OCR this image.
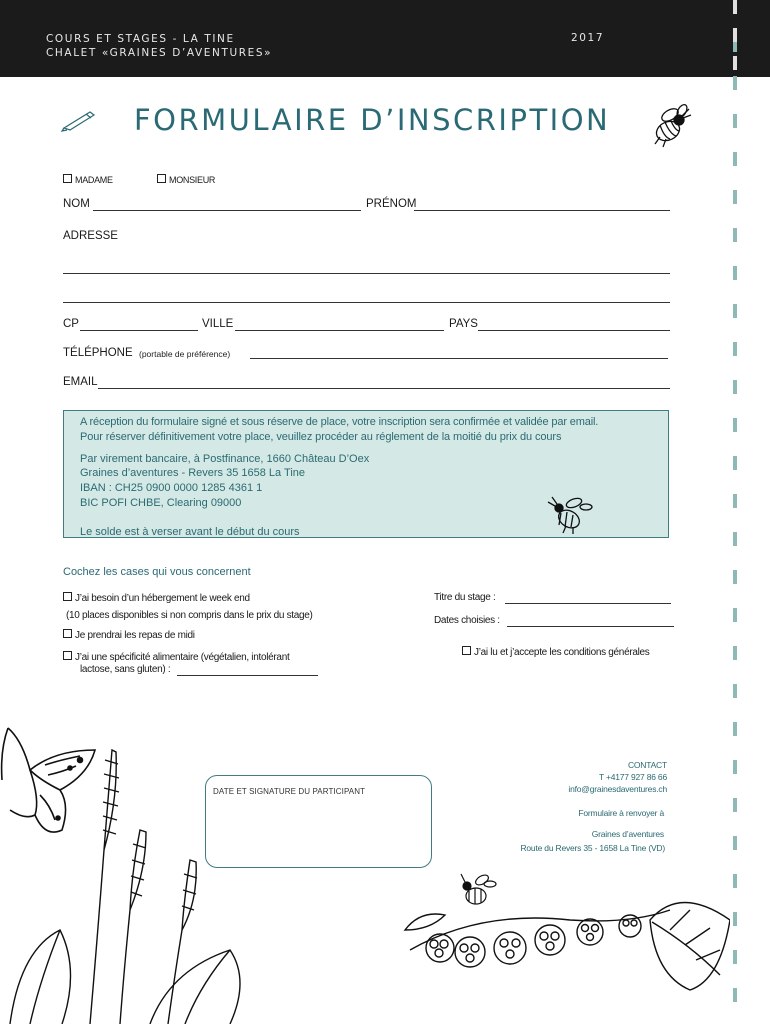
COURS ET STAGES - LA TINE
CHALET «GRAINES D’AVENTURES»
2017
FORMULAIRE D’INSCRIPTION
MADAME	MONSIEUR
NOM	PRÉNOM
ADRESSE
CP	VILLE	PAYS
TÉLÉPHONE (portable de préférence)
EMAIL
A réception du formulaire signé et sous réserve de place, votre inscription sera confirmée et validée par email.
Pour réserver définitivement votre place, veuillez procéder au réglement de la moitié du prix du cours
Par virement bancaire, à Postfinance, 1660 Château D’Oex
Graines d’aventures - Revers 35 1658 La Tine
IBAN : CH25 0900 0000 1285 4361 1
BIC POFI CHBE, Clearing 09000
Le solde est à verser avant le début du cours
Cochez les cases qui vous concernent
J’ai besoin d’un hébergement le week end
(10 places disponibles si non compris dans le prix du stage)
Je prendrai les repas de midi
J’ai une spécificité alimentaire (végétalien, intolérant
lactose, sans gluten) :
Titre du stage :
Dates choisies :
J’ai lu et j’accepte les conditions générales
DATE ET SIGNATURE DU PARTICIPANT
CONTACT
T +4177 927 86 66
info@grainesdaventures.ch
Formulaire à renvoyer à
Graines d’aventures
Route du Revers 35 - 1658 La Tine (VD)
